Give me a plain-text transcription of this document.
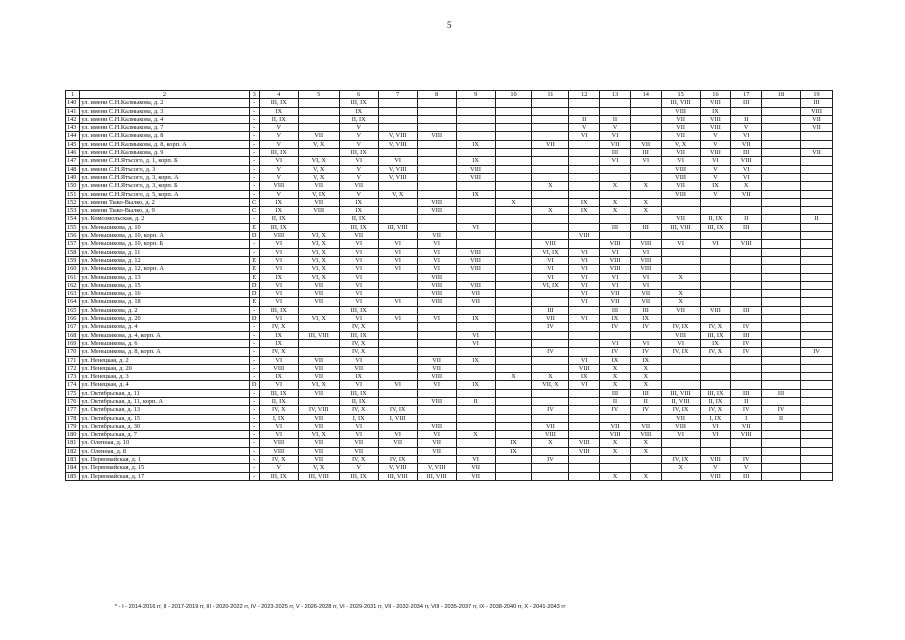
5
1	2	3	4	5	6	7	8	9	10	11	12	13	14	15	16	17	18	19
140	ул. имени С.Н.Калмыкова, д. 2	-	III, IX		III, IX									III, VIII	VIII	III		III
141	ул. имени С.Н.Калмыкова, д. 3	-	IX		IX									VIII	IX			VIII
142	ул. имени С.Н.Калмыкова, д. 4	-	II, IX		II, IX						II	II		VII	VIII	II		VII
143	ул. имени С.Н.Калмыкова, д. 7	-	V		V						V	V		VII	VIII	V		VII
144	ул. имени С.Н.Калмыкова, д. 8	-	V	VII	V	V, VIII	VIII				VI	VI		VII	V	VI		
145	ул. имени С.Н.Калмыкова, д. 8, корп. А	-	V	V, X	V	V, VIII		IX		VII		VII	VII	V, X	V	VII		
146	ул. имени С.Н.Калмыкова, д. 9	-	III, IX		III, IX							III	III	VII	VIII	III		VII
147	ул. имени С.Н.Ятъсого, д. 1, корп. Б	-	VI	VI, X	VI	VI		IX				VI	VI	VI	VI	VIII		
148	ул. имени С.Н.Ятъсого, д. 3	-	V	V, X	V	V, VIII		VIII						VIII	V	VI		
149	ул. имени С.Н.Ятъсого, д. 3, корп. А	-	V	V, X	V	V, VIII		VIII						VIII	V	VI		
150	ул. имени С.Н.Ятъсого, д. 3, корп. Б	-	VIII	VII	VII					X		X	X	VII	IX	X		
151	ул. имени С.Н.Ятъсого, д. 5, корп. А	-	V	V, IX	V	V, X		IX						VIII	V	VII		
152	ул. имени Тыко-Вылко, д. 2	C	IX	VII	IX		VIII		X		IX	X	X					
153	ул. имени Тыко-Вылко, д. 9	C	IX	VIII	IX		VIII			X	IX	X	X					
154	ул. Комсомольская, д. 2	-	II, IX		II, IX									VII	II, IX	II		II
155	ул. Меньшикова, д. 10	E	III, IX		III, IX	III, VIII		VI				III	III	III, VIII	III, IX	III		
156	ул. Меньшикова, д. 10, корп. А	D	VIII	VI, X	VII		VII				VIII							
157	ул. Меньшикова, д. 10, корп. Б	-	VI	VI, X	VI	VI	VI			VIII		VIII	VIII	VI	VI	VIII		
158	ул. Меньшикова, д. 11	-	VI	VI, X	VI	VI	VI	VIII		VI, IX	VI	VI	VI					
159	ул. Меньшикова, д. 12	E	VI	VI, X	VI	VI	VI	VIII		VI	VI	VIII	VIII					
160	ул. Меньшикова, д. 12, корп. А	E	VI	VI, X	VI	VI	VI	VIII		VI	VI	VIII	VIII					
161	ул. Меньшикова, д. 13	E	IX	VI, X	VI		VIII			VI	VI	VI	VI	X				
162	ул. Меньшикова, д. 15	D	VI	VII	VI		VIII	VIII		VI, IX	VI	VI	VI					
163	ул. Меньшикова, д. 16	D	VI	VII	VI		VIII	VII			VI	VII	VII	X				
164	ул. Меньшикова, д. 18	E	VI	VII	VI	VI	VIII	VII			VI	VII	VII	X				
165	ул. Меньшикова, д. 2	-	III, IX		III, IX					III		III	III	VII	VIII	III		
166	ул. Меньшикова, д. 20	D	VI	VI, X	VI	VI	VI	IX		VII	VI	IX	IX					
167	ул. Меньшикова, д. 4	-	IV, X		IV, X					IV		IV	IV	IV, IX	IV, X	IV		
168	ул. Меньшикова, д. 4, корп. А	-	IX	III, VIII	III, IX			VI						VIII	III, IX	III		
169	ул. Меньшикова, д. 6	-	IX		IV, X			VI				VI	VI	VI	IX	IV		
170	ул. Меньшикова, д. 8, корп. А	-	IV, X		IV, X					IV		IV	IV	IV, IX	IV, X	IV		IV
171	ул. Ненецкая, д. 2	-	VI	VII	VI		VII	IX			VI	IX	IX					
172	ул. Ненецкая, д. 20	-	VIII	VII	VII		VII				VIII	X	X					
173	ул. Ненецкая, д. 3	-	IX	VII	IX		VIII		X	X	IX	X	X					
174	ул. Ненецкая, д. 4	D	VI	VI, X	VI	VI	VI	IX		VII, X	VI	X	X					
175	ул. Октябрьская, д. 11	-	III, IX	VII	III, IX							III	III	III, VIII	III, IX	III	III	
176	ул. Октябрьская, д. 11, корп. А	-	II, IX		II, IX		VIII	II				II	II	II, VIII	II, IX	II		
177	ул. Октябрьская, д. 13	-	IV, X	IV, VIII	IV, X	IV, IX				IV		IV	IV	IV, IX	IV, X	IV	IV	
178	ул. Октябрьская, д. 15	-	I, IX	VII	I, IX	I, VIII								VII	I, IX	I	II	
179	ул. Октябрьская, д. 30	-	VI	VII	VI		VIII			VII		VII	VII	VIII	VI	VII		
180	ул. Октябрьская, д. 7	-	VI	VI, X	VI	VI	VI	X		VIII		VIII	VIII	VI	VI	VIII		
181	ул. Оленная, д. 10	-	VIII	VII	VII	VII	VII		IX	X	VIII	X	X					
182	ул. Оленная, д. 8	-	VIII	VII	VII		VII		IX		VIII	X	X					
183	ул. Первомайская, д. 1	-	IV, X	VII	IV, X	IV, IX		VI		IV				IV, IX	VIII	IV		
184	ул. Первомайская, д. 15	-	V	V, X	V	V, VIII	V, VIII	VII						X	V	V		
185	ул. Первомайская, д. 17	-	III, IX	III, VIII	III, IX	III, VIII	III, VIII	VII				X	X		VIII	III		
* - I - 2014-2016 гг, II - 2017-2019 гг, III - 2020-2022 гг, IV - 2023-2025 гг, V - 2026-2028 гг, VI - 2029-2031 гг, VII - 2032-2034 гг, VIII - 2035-2037 гг, IX - 2038-2040 гг, X - 2041-2043 гг
